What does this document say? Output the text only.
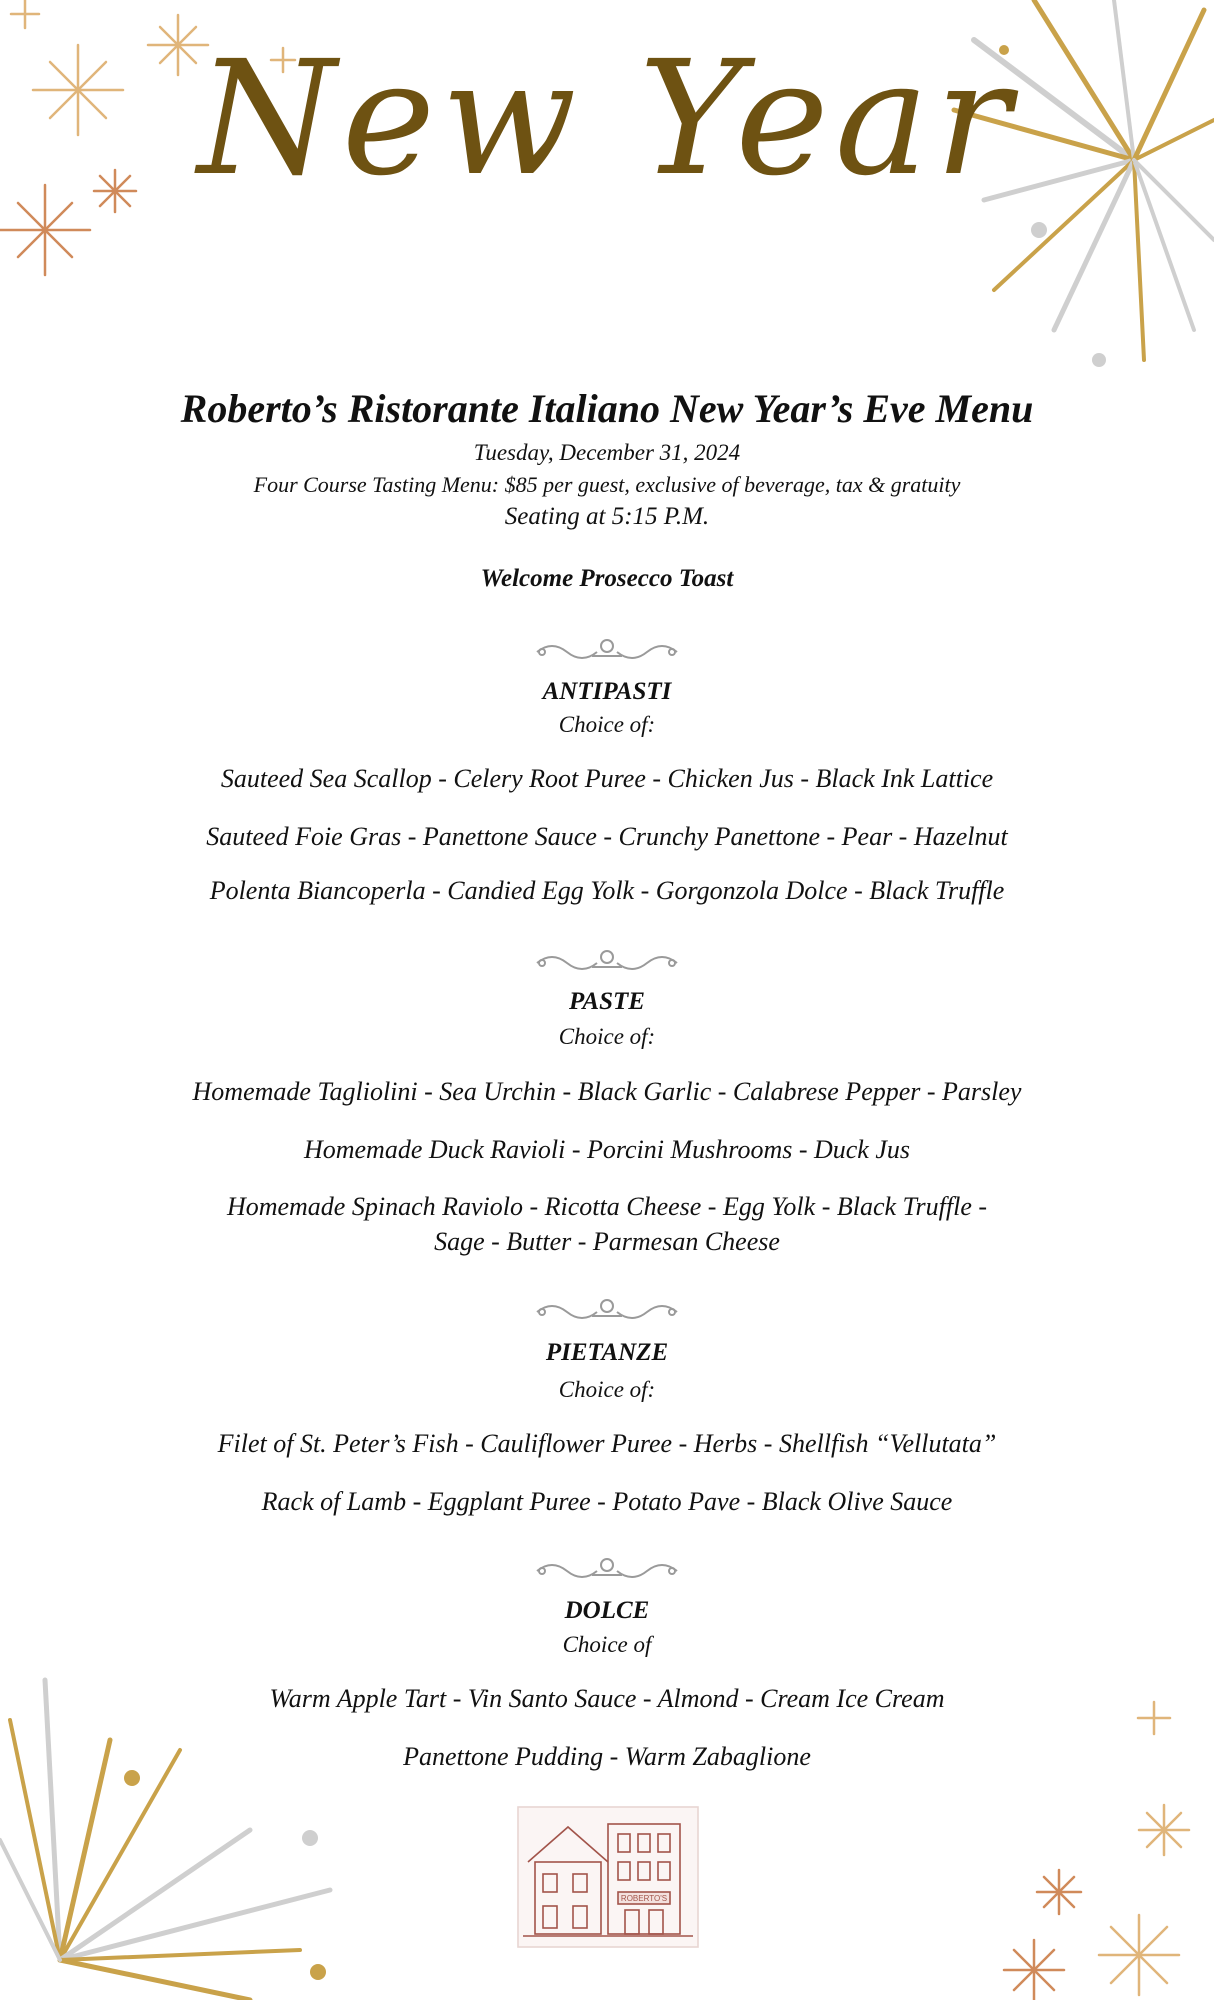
New Year
Roberto’s Ristorante Italiano New Year’s Eve Menu
Tuesday, December 31, 2024
Four Course Tasting Menu: $85 per guest, exclusive of beverage, tax & gratuity
Seating at 5:15 P.M.
Welcome Prosecco Toast
ANTIPASTI
Choice of:
Sauteed Sea Scallop - Celery Root Puree - Chicken Jus - Black Ink Lattice
Sauteed Foie Gras - Panettone Sauce - Crunchy Panettone - Pear - Hazelnut
Polenta Biancoperla - Candied Egg Yolk - Gorgonzola Dolce - Black Truffle
PASTE
Choice of:
Homemade Tagliolini - Sea Urchin - Black Garlic - Calabrese Pepper - Parsley
Homemade Duck Ravioli - Porcini Mushrooms - Duck Jus
Homemade Spinach Raviolo - Ricotta Cheese - Egg Yolk - Black Truffle -
Sage - Butter - Parmesan Cheese
PIETANZE
Choice of:
Filet of St. Peter’s Fish - Cauliflower Puree - Herbs - Shellfish “Vellutata”
Rack of Lamb - Eggplant Puree - Potato Pave - Black Olive Sauce
DOLCE
Choice of
Warm Apple Tart - Vin Santo Sauce - Almond - Cream Ice Cream
Panettone Pudding - Warm Zabaglione
ROBERTO'S
